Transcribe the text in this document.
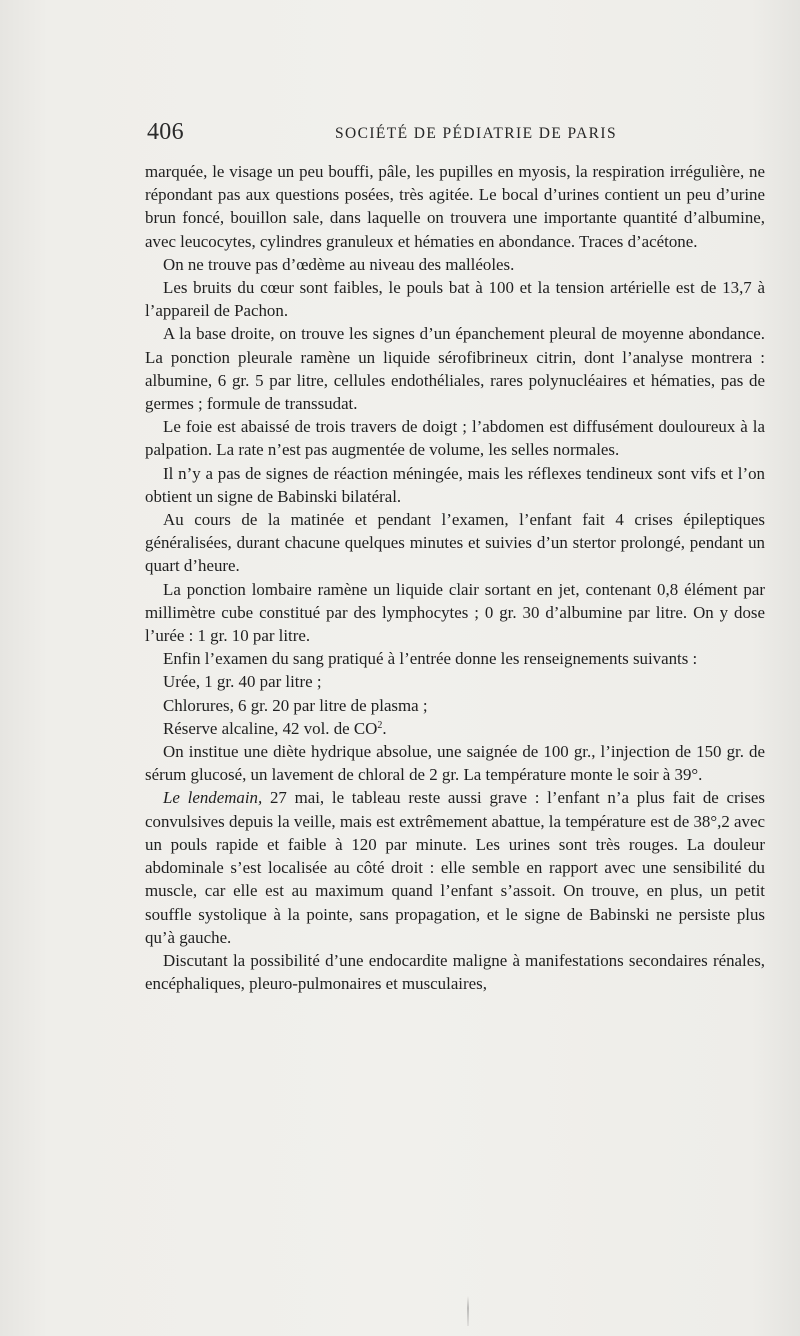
406	SOCIÉTÉ DE PÉDIATRIE DE PARIS

marquée, le visage un peu bouffi, pâle, les pupilles en myosis, la respiration irrégulière, ne répondant pas aux questions posées, très agitée. Le bocal d’urines contient un peu d’urine brun foncé, bouillon sale, dans laquelle on trouvera une importante quantité d’albumine, avec leucocytes, cylindres granuleux et hématies en abondance. Traces d’acétone.

On ne trouve pas d’œdème au niveau des malléoles.

Les bruits du cœur sont faibles, le pouls bat à 100 et la tension artérielle est de 13,7 à l’appareil de Pachon.

A la base droite, on trouve les signes d’un épanchement pleural de moyenne abondance. La ponction pleurale ramène un liquide sérofibrineux citrin, dont l’analyse montrera : albumine, 6 gr. 5 par litre, cellules endothéliales, rares polynucléaires et hématies, pas de germes ; formule de transsudat.

Le foie est abaissé de trois travers de doigt ; l’abdomen est diffusément douloureux à la palpation. La rate n’est pas augmentée de volume, les selles normales.

Il n’y a pas de signes de réaction méningée, mais les réflexes tendineux sont vifs et l’on obtient un signe de Babinski bilatéral.

Au cours de la matinée et pendant l’examen, l’enfant fait 4 crises épileptiques généralisées, durant chacune quelques minutes et suivies d’un stertor prolongé, pendant un quart d’heure.

La ponction lombaire ramène un liquide clair sortant en jet, contenant 0,8 élément par millimètre cube constitué par des lymphocytes ; 0 gr. 30 d’albumine par litre. On y dose l’urée : 1 gr. 10 par litre.

Enfin l’examen du sang pratiqué à l’entrée donne les renseignements suivants :

Urée, 1 gr. 40 par litre ;

Chlorures, 6 gr. 20 par litre de plasma ;

Réserve alcaline, 42 vol. de $CO^2$.

On institue une diète hydrique absolue, une saignée de 100 gr., l’injection de 150 gr. de sérum glucosé, un lavement de chloral de 2 gr. La température monte le soir à 39°.

Le lendemain, 27 mai, le tableau reste aussi grave : l’enfant n’a plus fait de crises convulsives depuis la veille, mais est extrêmement abattue, la température est de 38°,2 avec un pouls rapide et faible à 120 par minute. Les urines sont très rouges. La douleur abdominale s’est localisée au côté droit : elle semble en rapport avec une sensibilité du muscle, car elle est au maximum quand l’enfant s’assoit. On trouve, en plus, un petit souffle systolique à la pointe, sans propagation, et le signe de Babinski ne persiste plus qu’à gauche.

Discutant la possibilité d’une endocardite maligne à manifestations secondaires rénales, encéphaliques, pleuro-pulmonaires et musculaires,
